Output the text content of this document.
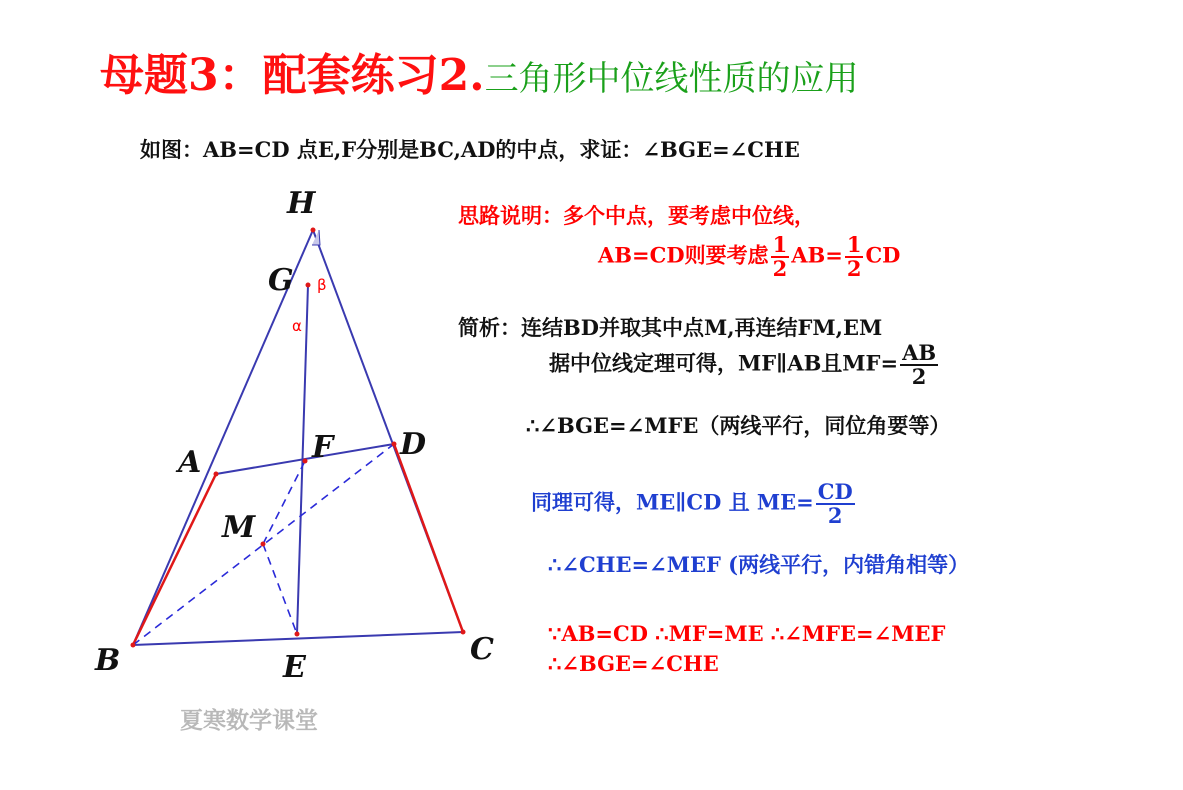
母题3：配套练习2.三角形中位线性质的应用
如图：AB=CD 点E,F分别是BC,AD的中点，求证：∠BGE=∠CHE
H
G
A	F D
M
B	E
C
α
β
思路说明：多个中点，要考虑中位线，
AB=CD则要考虑 $\frac{1}{2} AB= \frac{1}{2}$ CD
简析：连结BD并取其中点M,再连结FM,EM
据中位线定理可得，MF∥AB且$MF= \frac{AB}{2}$
∴∠BGE=∠MFE（两线平行，同位角要等）
同理可得，ME∥CD 且 $ME= \frac{CD}{2}$
∴∠CHE=∠MEF (两线平行，内错角相等）
∵AB=CD ∴MF=ME ∴∠MFE=∠MEF
∴∠BGE=∠CHE
夏寒数学课堂
